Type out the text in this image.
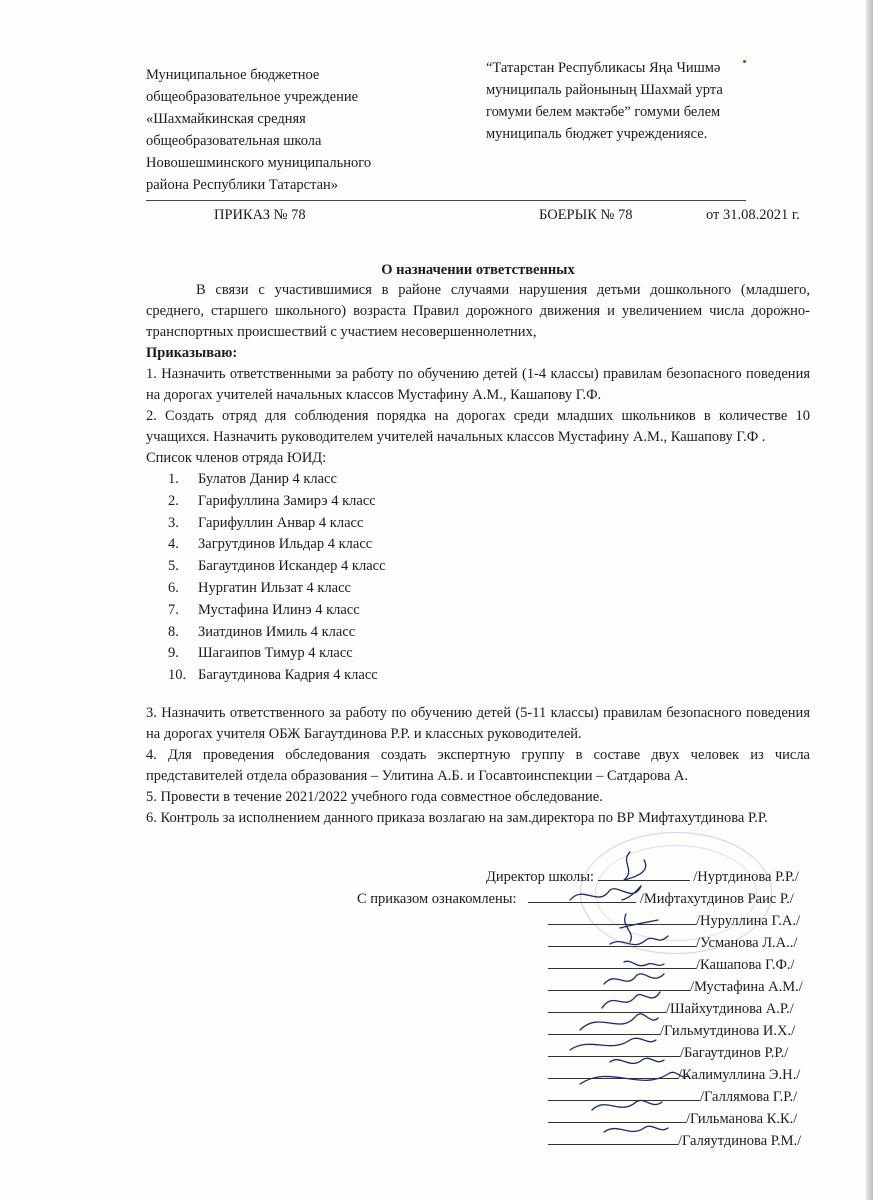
Муниципальное бюджетное
общеобразовательное учреждение
«Шахмайкинская средняя
общеобразовательная школа
Новошешминского муниципального
района Республики Татарстан»
“Татарстан Республикасы Яңа Чишмә
муниципаль районының Шахмай урта
гомуми белем мәктәбе” гомуми белем
муниципаль бюджет учреждениясе.
ПРИКАЗ № 78	БОЕРЫК № 78	от 31.08.2021 г.
О назначении ответственных

В связи с участившимися в районе случаями нарушения детьми дошкольного (младшего, среднего, старшего школьного) возраста Правил дорожного движения и увеличением числа дорожно-транспортных происшествий с участием несовершеннолетних,

Приказываю:

1. Назначить ответственными за работу по обучению детей (1-4 классы) правилам безопасного поведения на дорогах учителей начальных классов Мустафину А.М., Кашапову Г.Ф.

2. Создать отряд для соблюдения порядка на дорогах среди младших школьников в количестве 10 учащихся. Назначить руководителем учителей начальных классов Мустафину А.М., Кашапову Г.Ф .

Список членов отряда ЮИД:

1.	Булатов Данир 4 класс
2.	Гарифуллина Замирэ 4 класс
3.	Гарифуллин Анвар 4 класс
4.	Загрутдинов Ильдар 4 класс
5.	Багаутдинов Искандер 4 класс
6.	Нургатин Ильзат 4 класс
7.	Мустафина Илинэ 4 класс
8.	Зиатдинов Имиль 4 класс
9.	Шагаипов Тимур 4 класс
10. Багаутдинова Кадрия 4 класс

3. Назначить ответственного за работу по обучению детей (5-11 классы) правилам безопасного поведения на дорогах учителя ОБЖ Багаутдинова Р.Р. и классных руководителей.

4. Для проведения обследования создать экспертную группу в составе двух человек из числа представителей отдела образования – Улитина А.Б. и Госавтоинспекции – Сатдарова А.

5. Провести в течение 2021/2022 учебного года совместное обследование.

6. Контроль за исполнением данного приказа возлагаю на зам.директора по ВР Мифтахутдинова Р.Р.

Директор школы:	/Нуртдинова Р.Р./
С приказом ознакомлены:	/Мифтахутдинов Раис Р./
/Нуруллина Г.А./
/Усманова Л.А../
/Кашапова Г.Ф./
/Мустафина А.М./
/Шайхутдинова А.Р./
/Гильмутдинова И.Х./
/Багаутдинов Р.Р./
/Калимуллина Э.Н./
/Галлямова Г.Р./
/Гильманова К.К./
/Галяутдинова Р.М./
